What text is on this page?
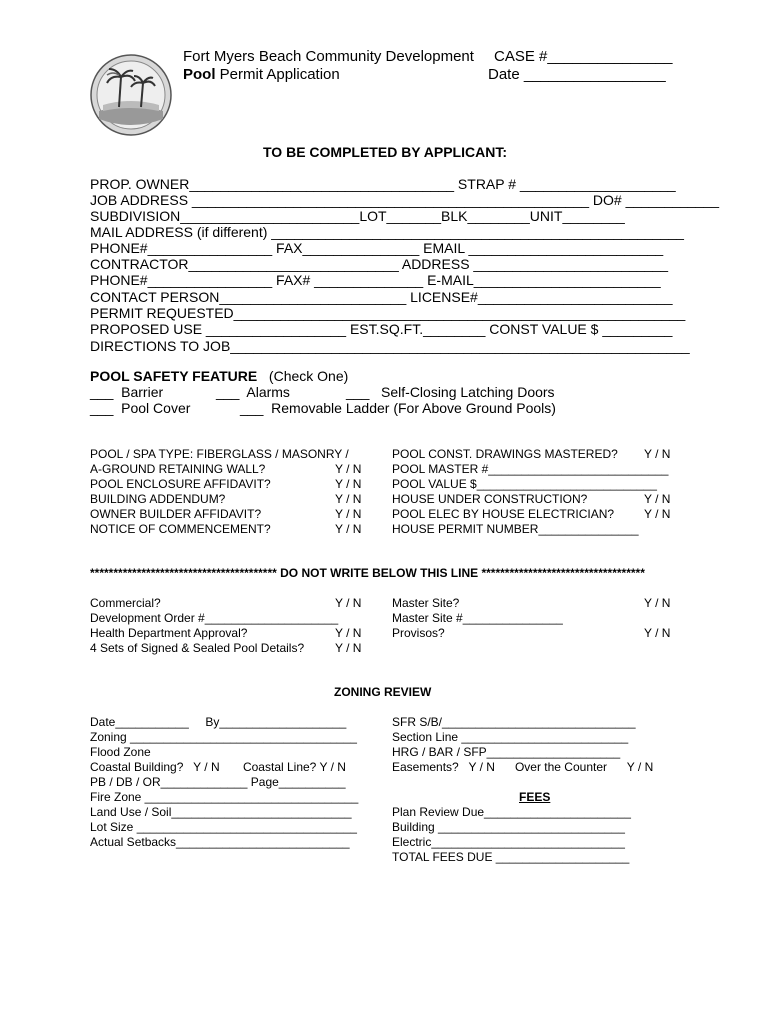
Fort Myers Beach Community Development
Pool Permit Application
CASE #_______________
Date _________________
TO BE COMPLETED BY APPLICANT:
PROP. OWNER__________________________________ STRAP # ____________________
JOB ADDRESS ___________________________________________________ DO# ____________
SUBDIVISION_______________________LOT_______BLK________UNIT________
MAIL ADDRESS (if different) _____________________________________________________
PHONE#________________ FAX_______________ EMAIL _________________________
CONTRACTOR___________________________ ADDRESS _________________________
PHONE#________________ FAX# ______________ E-MAIL________________________
CONTACT PERSON________________________ LICENSE#_________________________
PERMIT REQUESTED__________________________________________________________
PROPOSED USE __________________ EST.SQ.FT.________ CONST VALUE $ _________
DIRECTIONS TO JOB___________________________________________________________
POOL SAFETY FEATURE (Check One)
___  Barrier	___  Alarms	___   Self-Closing Latching Doors
___  Pool Cover	___  Removable Ladder (For Above Ground Pools)
POOL / SPA TYPE: FIBERGLASS / MASONRY /
A-GROUND RETAINING WALL?	Y / N
POOL ENCLOSURE AFFIDAVIT?	Y / N
BUILDING ADDENDUM?	Y / N
OWNER BUILDER AFFIDAVIT?	Y / N
NOTICE OF COMMENCEMENT?	Y / N
POOL CONST. DRAWINGS MASTERED? Y / N
POOL MASTER #___________________________
POOL VALUE $___________________________
HOUSE UNDER CONSTRUCTION?	Y / N
POOL ELEC BY HOUSE ELECTRICIAN? Y / N
HOUSE PERMIT NUMBER_______________
**************************************** DO NOT WRITE BELOW THIS LINE ***********************************
Commercial?	Y / N
Development Order #____________________
Health Department Approval?	Y / N
4 Sets of Signed & Sealed Pool Details?	Y / N
Master Site?	Y / N
Master Site #_______________
Provisos?	Y / N
ZONING REVIEW
Date___________     By___________________
Zoning __________________________________
Flood Zone
Coastal Building?   Y / N       Coastal Line? Y / N
PB / DB / OR_____________ Page__________
Fire Zone ________________________________
Land Use / Soil___________________________
Lot Size _________________________________
Actual Setbacks__________________________
SFR S/B/_____________________________
Section Line _________________________
HRG / BAR / SFP____________________
Easements?   Y / N      Over the Counter      Y / N
FEES
Plan Review Due______________________
Building ____________________________
Electric_____________________________
TOTAL FEES DUE ____________________
